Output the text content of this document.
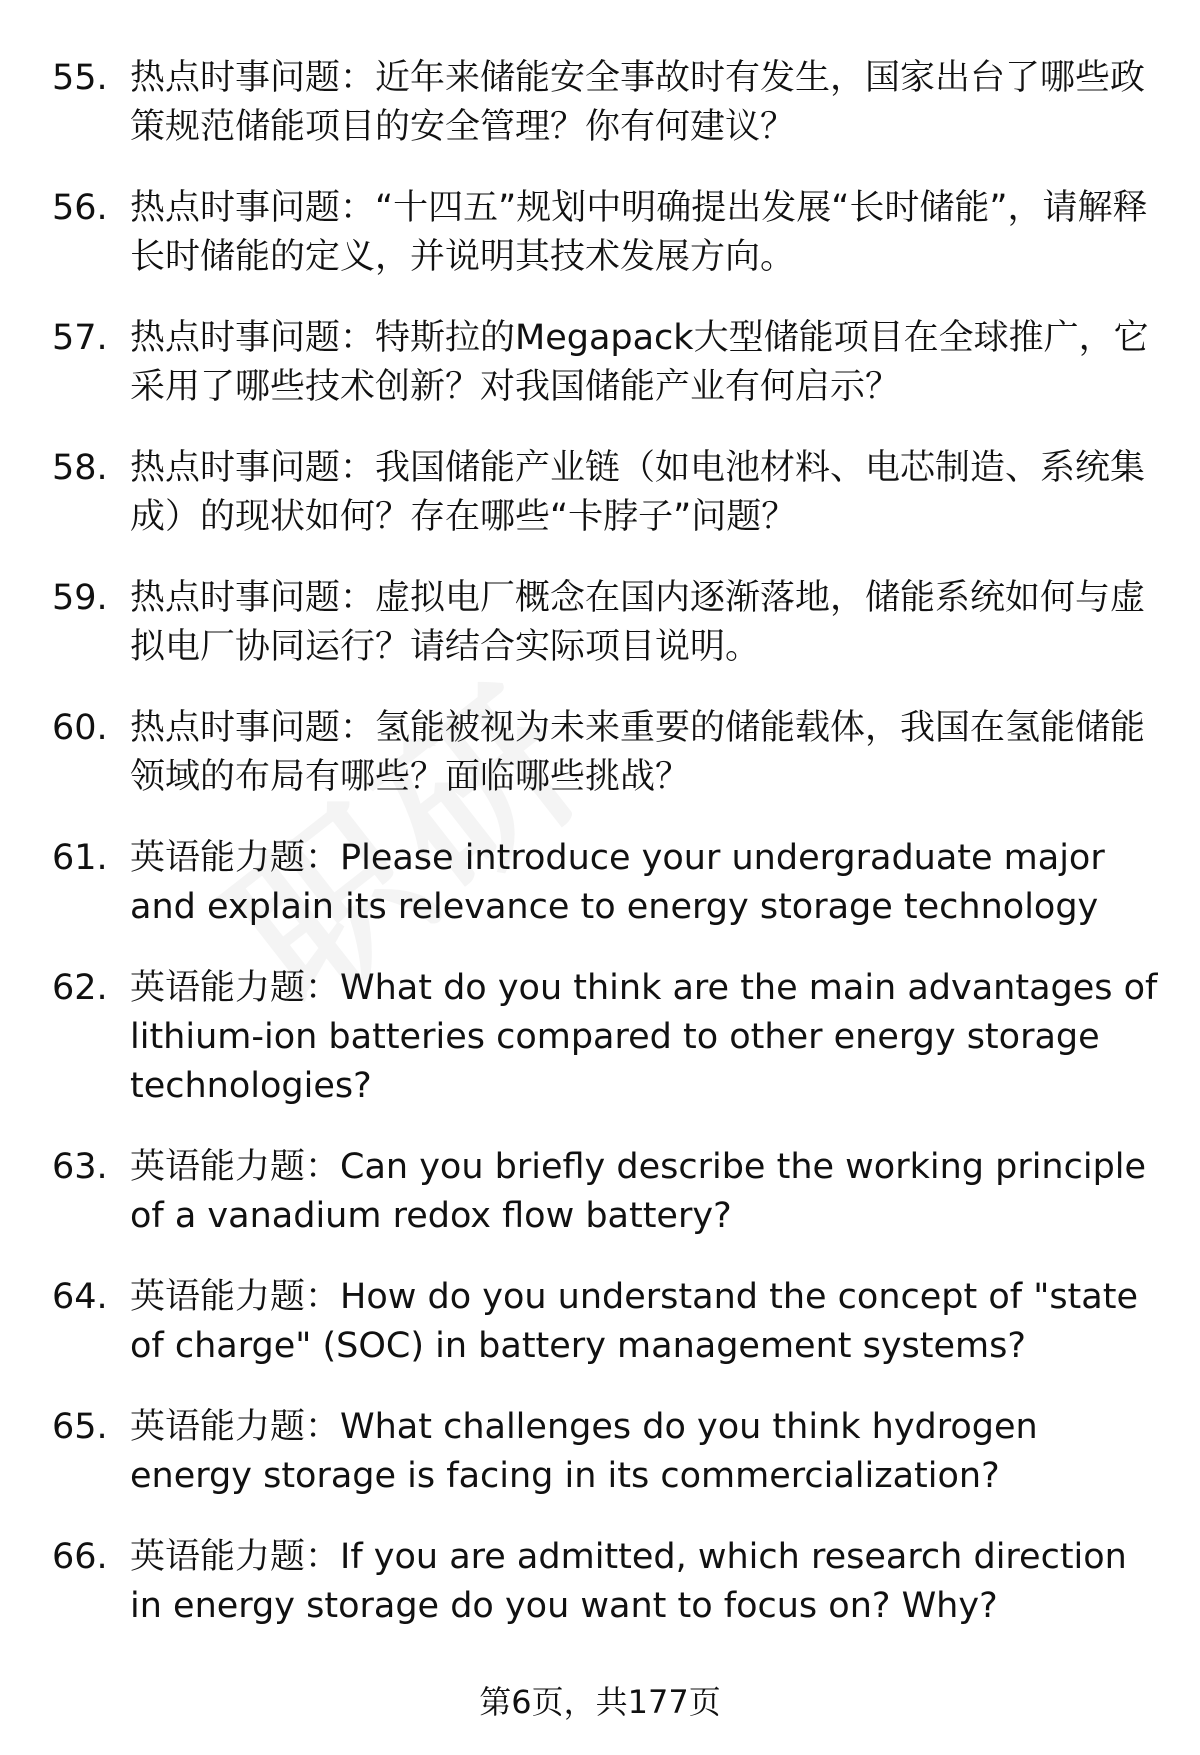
55. 热点时事问题：近年来储能安全事故时有发生，国家出台了哪些政策规范储能项目的安全管理？你有何建议？
56. 热点时事问题：“十四五”规划中明确提出发展“长时储能”，请解释长时储能的定义，并说明其技术发展方向。
57. 热点时事问题：特斯拉的Megapack大型储能项目在全球推广，它采用了哪些技术创新？对我国储能产业有何启示？
58. 热点时事问题：我国储能产业链（如电池材料、电芯制造、系统集成）的现状如何？存在哪些“卡脖子”问题？
59. 热点时事问题：虚拟电厂概念在国内逐渐落地，储能系统如何与虚拟电厂协同运行？请结合实际项目说明。
60. 热点时事问题：氢能被视为未来重要的储能载体，我国在氢能储能领域的布局有哪些？面临哪些挑战？
61. 英语能力题：Please introduce your undergraduate major and explain its relevance to energy storage technology
62. 英语能力题：What do you think are the main advantages of lithium-ion batteries compared to other energy storage technologies?
63. 英语能力题：Can you briefly describe the working principle of a vanadium redox flow battery?
64. 英语能力题：How do you understand the concept of "state of charge" (SOC) in battery management systems?
65. 英语能力题：What challenges do you think hydrogen energy storage is facing in its commercialization?
66. 英语能力题：If you are admitted, which research direction in energy storage do you want to focus on? Why?
第6页，共177页
